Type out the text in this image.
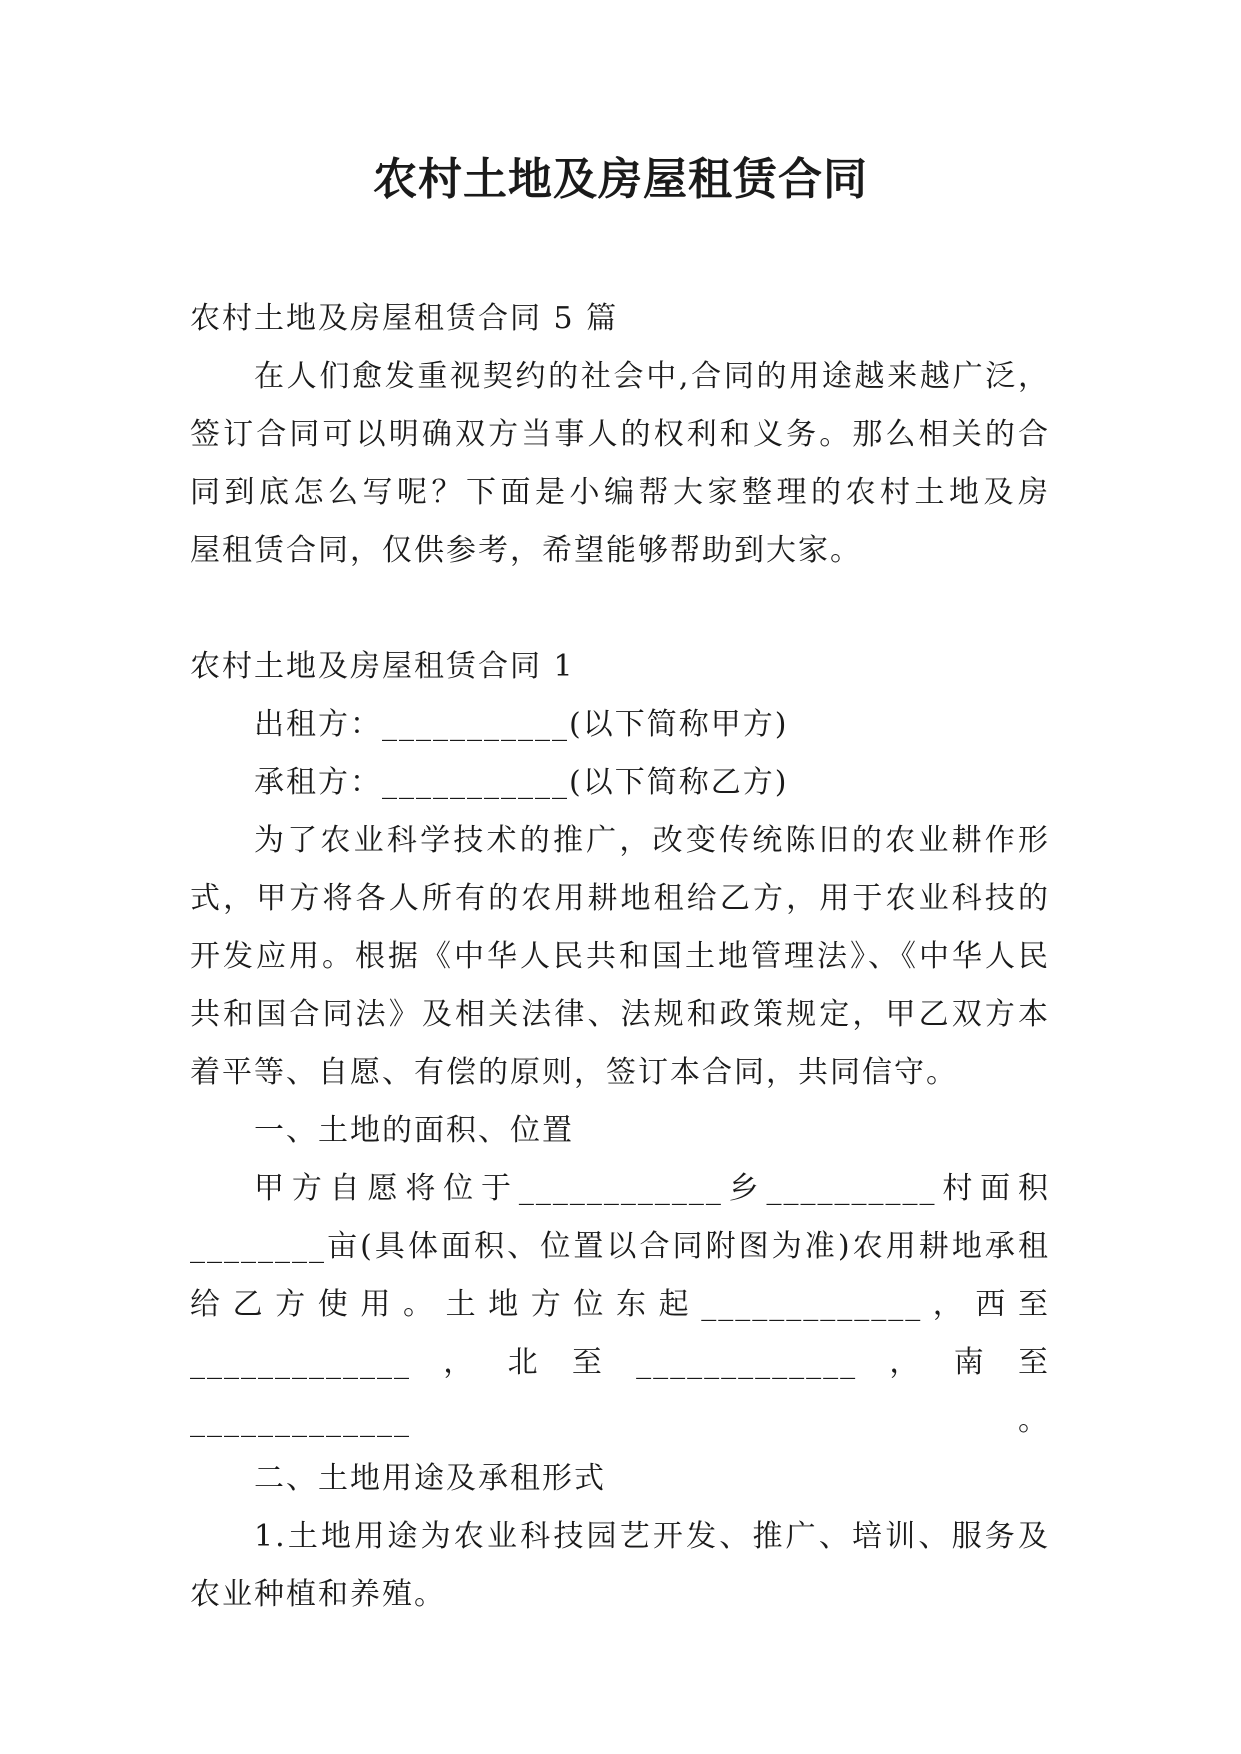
农村土地及房屋租赁合同

农村土地及房屋租赁合同 5 篇

在人们愈发重视契约的社会中,合同的用途越来越广泛，

签订合同可以明确双方当事人的权利和义务。那么相关的合

同到底怎么写呢？下面是小编帮大家整理的农村土地及房

屋租赁合同，仅供参考，希望能够帮助到大家。

农村土地及房屋租赁合同 1

出租方：___________(以下简称甲方)

承租方：___________(以下简称乙方)

为了农业科学技术的推广，改变传统陈旧的农业耕作形

式，甲方将各人所有的农用耕地租给乙方，用于农业科技的

开发应用。根据《中华人民共和国土地管理法》、《中华人民

共和国合同法》及相关法律、法规和政策规定，甲乙双方本

着平等、自愿、有偿的原则，签订本合同，共同信守。

一、土地的面积、位置

甲方自愿将位于____________乡__________村面积

________亩(具体面积、位置以合同附图为准)农用耕地承租

给乙方使用。土地方位东起_____________，西至

_____________，北至_____________，南至_____________。

二、土地用途及承租形式

1.土地用途为农业科技园艺开发、推广、培训、服务及

农业种植和养殖。
